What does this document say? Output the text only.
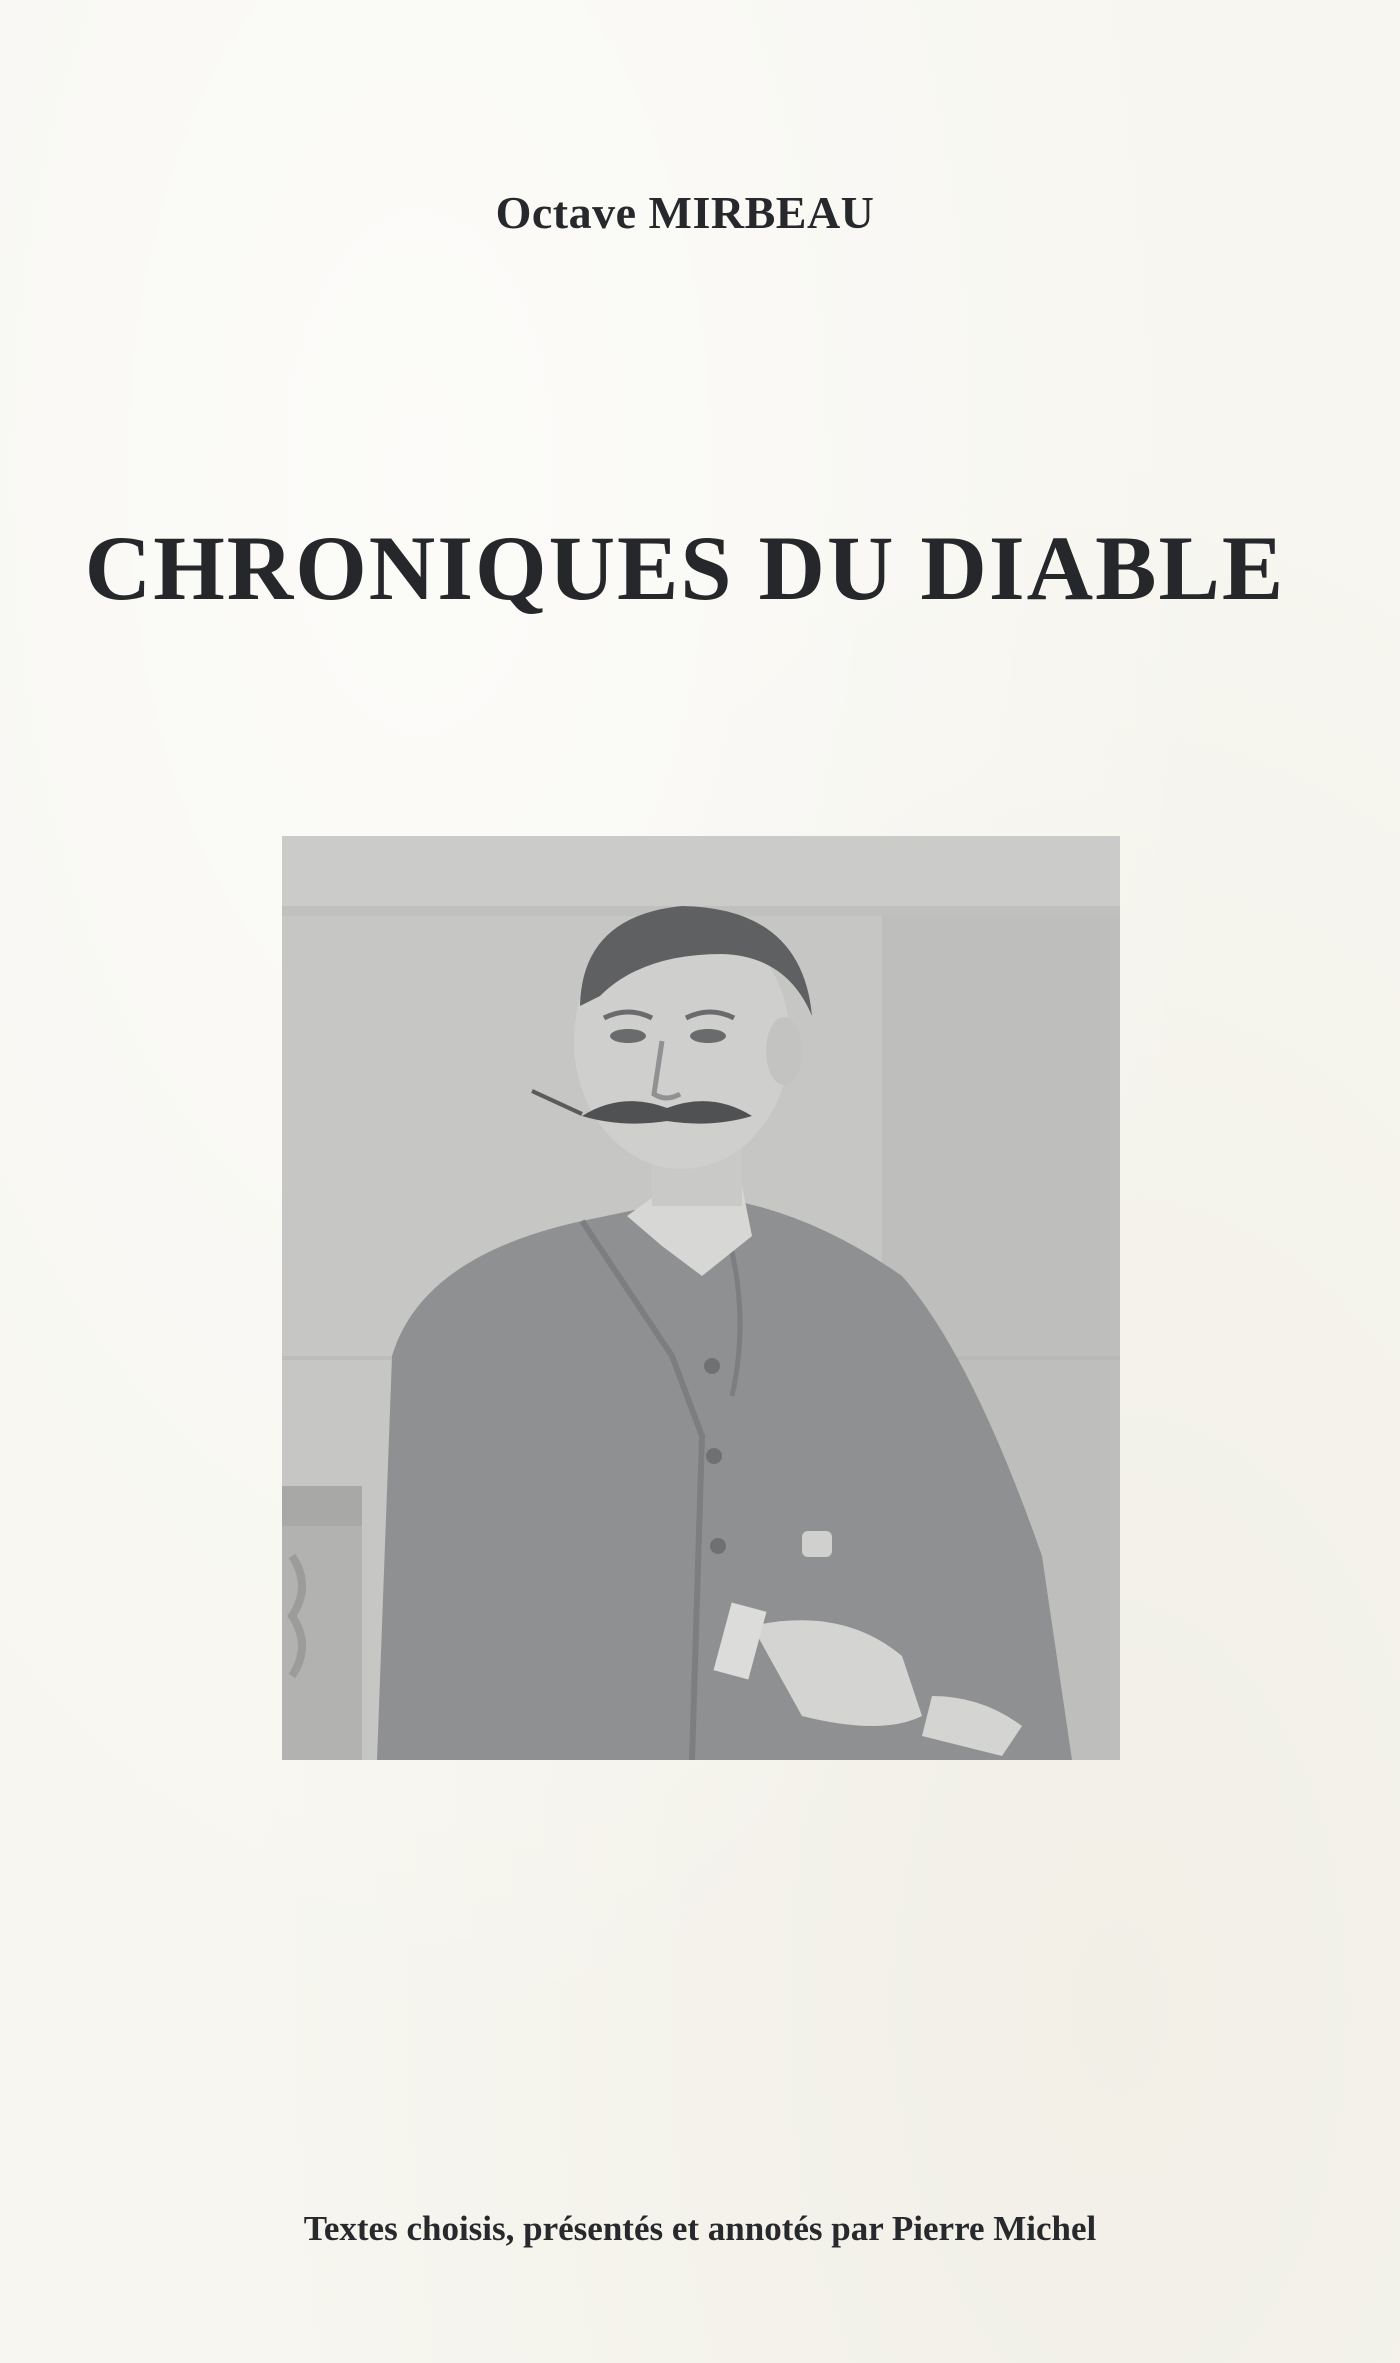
Octave MIRBEAU
CHRONIQUES DU DIABLE
Textes choisis, présentés et annotés par Pierre Michel
